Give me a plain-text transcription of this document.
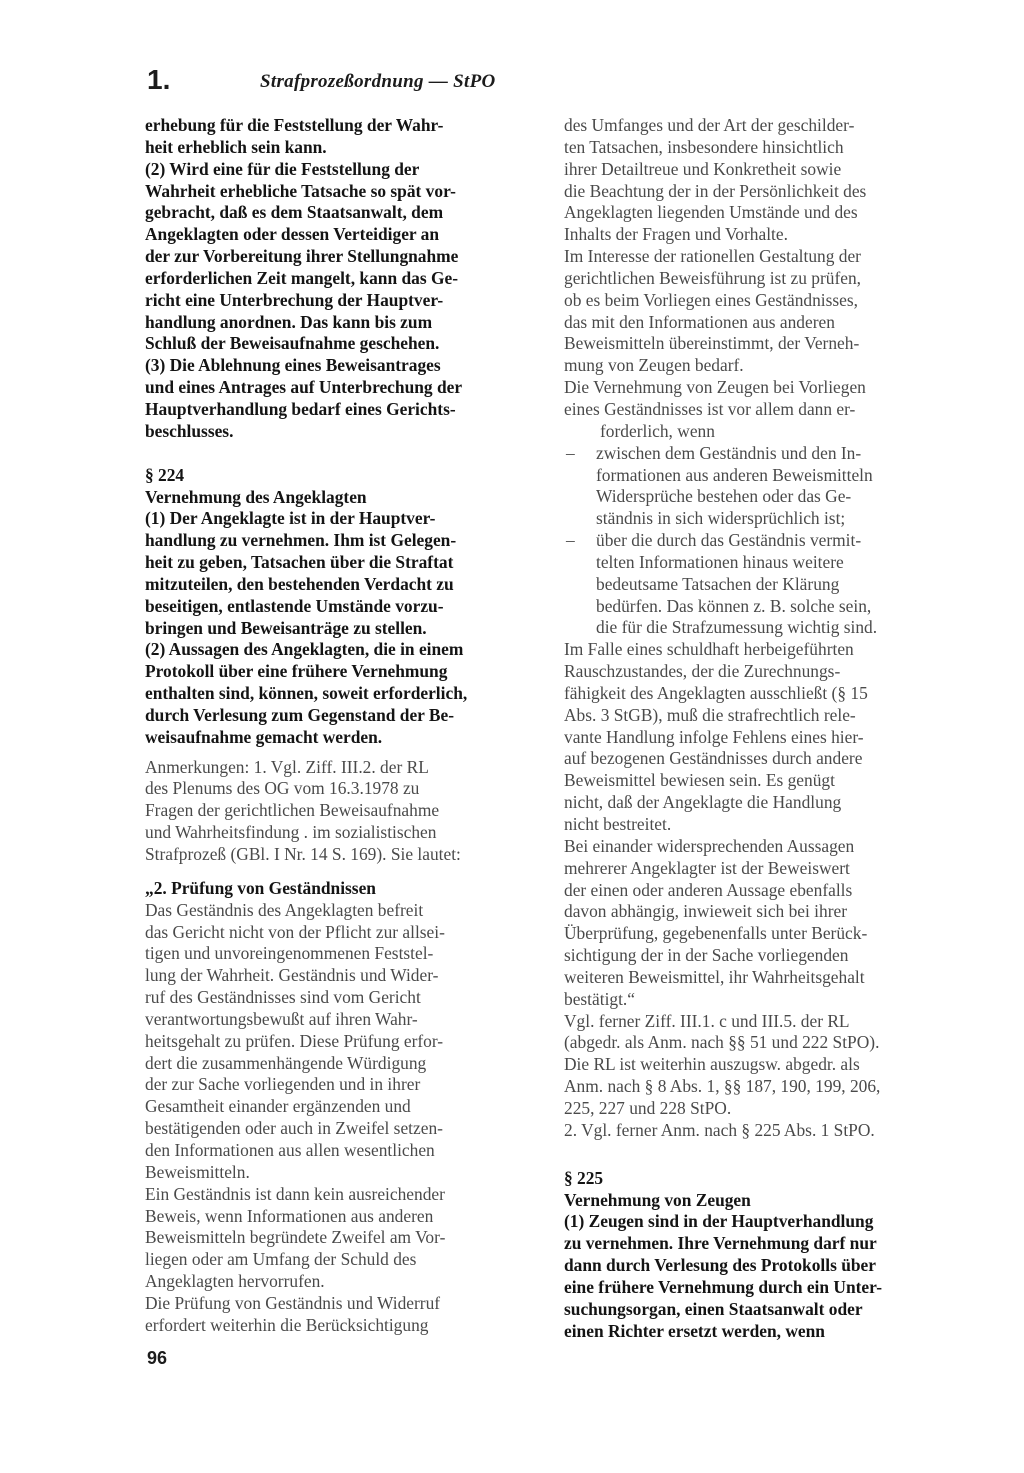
1.	Strafprozeßordnung — StPO
erhebung für die Feststellung der Wahr-
heit erheblich sein kann.
(2) Wird eine für die Feststellung der
Wahrheit erhebliche Tatsache so spät vor-
gebracht, daß es dem Staatsanwalt, dem
Angeklagten oder dessen Verteidiger an
der zur Vorbereitung ihrer Stellungnahme
erforderlichen Zeit mangelt, kann das Ge-
richt eine Unterbrechung der Hauptver-
handlung anordnen. Das kann bis zum
Schluß der Beweisaufnahme geschehen.
(3) Die Ablehnung eines Beweisantrages
und eines Antrages auf Unterbrechung der
Hauptverhandlung bedarf eines Gerichts-
beschlusses.
§ 224
Vernehmung des Angeklagten
(1) Der Angeklagte ist in der Hauptver-
handlung zu vernehmen. Ihm ist Gelegen-
heit zu geben, Tatsachen über die Straftat
mitzuteilen, den bestehenden Verdacht zu
beseitigen, entlastende Umstände vorzu-
bringen und Beweisanträge zu stellen.
(2) Aussagen des Angeklagten, die in einem
Protokoll über eine frühere Vernehmung
enthalten sind, können, soweit erforderlich,
durch Verlesung zum Gegenstand der Be-
weisaufnahme gemacht werden.
Anmerkungen: 1. Vgl. Ziff. III.2. der RL
des Plenums des OG vom 16.3.1978 zu
Fragen der gerichtlichen Beweisaufnahme
und Wahrheitsfindung . im sozialistischen
Strafprozeß (GBl. I Nr. 14 S. 169). Sie lautet:
„2. Prüfung von Geständnissen
Das Geständnis des Angeklagten befreit
das Gericht nicht von der Pflicht zur allsei-
tigen und unvoreingenommenen Feststel-
lung der Wahrheit. Geständnis und Wider-
ruf des Geständnisses sind vom Gericht
verantwortungsbewußt auf ihren Wahr-
heitsgehalt zu prüfen. Diese Prüfung erfor-
dert die zusammenhängende Würdigung
der zur Sache vorliegenden und in ihrer
Gesamtheit einander ergänzenden und
bestätigenden oder auch in Zweifel setzen-
den Informationen aus allen wesentlichen
Beweismitteln.
Ein Geständnis ist dann kein ausreichender
Beweis, wenn Informationen aus anderen
Beweismitteln begründete Zweifel am Vor-
liegen oder am Umfang der Schuld des
Angeklagten hervorrufen.
Die Prüfung von Geständnis und Widerruf
erfordert weiterhin die Berücksichtigung
des Umfanges und der Art der geschilder-
ten Tatsachen, insbesondere hinsichtlich
ihrer Detailtreue und Konkretheit sowie
die Beachtung der in der Persönlichkeit des
Angeklagten liegenden Umstände und des
Inhalts der Fragen und Vorhalte.
Im Interesse der rationellen Gestaltung der
gerichtlichen Beweisführung ist zu prüfen,
ob es beim Vorliegen eines Geständnisses,
das mit den Informationen aus anderen
Beweismitteln übereinstimmt, der Verneh-
mung von Zeugen bedarf.
Die Vernehmung von Zeugen bei Vorliegen
eines Geständnisses ist vor allem dann er-
forderlich, wenn
–	zwischen dem Geständnis und den In-
formationen aus anderen Beweismitteln
Widersprüche bestehen oder das Ge-
ständnis in sich widersprüchlich ist;
–	über die durch das Geständnis vermit-
telten Informationen hinaus weitere
bedeutsame Tatsachen der Klärung
bedürfen. Das können z. B. solche sein,
die für die Strafzumessung wichtig sind.
Im Falle eines schuldhaft herbeigeführten
Rauschzustandes, der die Zurechnungs-
fähigkeit des Angeklagten ausschließt (§ 15
Abs. 3 StGB), muß die strafrechtlich rele-
vante Handlung infolge Fehlens eines hier-
auf bezogenen Geständnisses durch andere
Beweismittel bewiesen sein. Es genügt
nicht, daß der Angeklagte die Handlung
nicht bestreitet.
Bei einander widersprechenden Aussagen
mehrerer Angeklagter ist der Beweiswert
der einen oder anderen Aussage ebenfalls
davon abhängig, inwieweit sich bei ihrer
Überprüfung, gegebenenfalls unter Berück-
sichtigung der in der Sache vorliegenden
weiteren Beweismittel, ihr Wahrheitsgehalt
bestätigt.“
Vgl. ferner Ziff. III.1. c und III.5. der RL
(abgedr. als Anm. nach §§ 51 und 222 StPO).
Die RL ist weiterhin auszugsw. abgedr. als
Anm. nach § 8 Abs. 1, §§ 187, 190, 199, 206,
225, 227 und 228 StPO.
2. Vgl. ferner Anm. nach § 225 Abs. 1 StPO.
§ 225
Vernehmung von Zeugen
(1) Zeugen sind in der Hauptverhandlung
zu vernehmen. Ihre Vernehmung darf nur
dann durch Verlesung des Protokolls über
eine frühere Vernehmung durch ein Unter-
suchungsorgan, einen Staatsanwalt oder
einen Richter ersetzt werden, wenn
96
